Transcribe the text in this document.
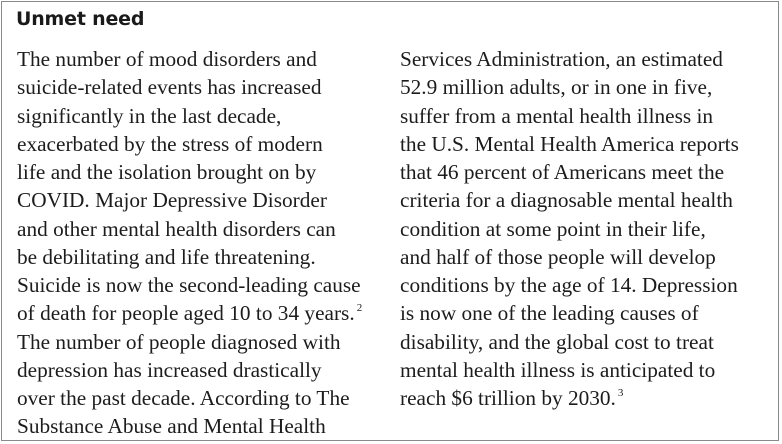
Unmet need
The number of mood disorders and
suicide-related events has increased
significantly in the last decade,
exacerbated by the stress of modern
life and the isolation brought on by
COVID. Major Depressive Disorder
and other mental health disorders can
be debilitating and life threatening.
Suicide is now the second-leading cause
of death for people aged 10 to 34 years. $^2$
The number of people diagnosed with
depression has increased drastically
over the past decade. According to The
Substance Abuse and Mental Health
Services Administration, an estimated
52.9 million adults, or in one in five,
suffer from a mental health illness in
the U.S. Mental Health America reports
that 46 percent of Americans meet the
criteria for a diagnosable mental health
condition at some point in their life,
and half of those people will develop
conditions by the age of 14. Depression
is now one of the leading causes of
disability, and the global cost to treat
mental health illness is anticipated to
reach $6 trillion by 2030. $^3$
